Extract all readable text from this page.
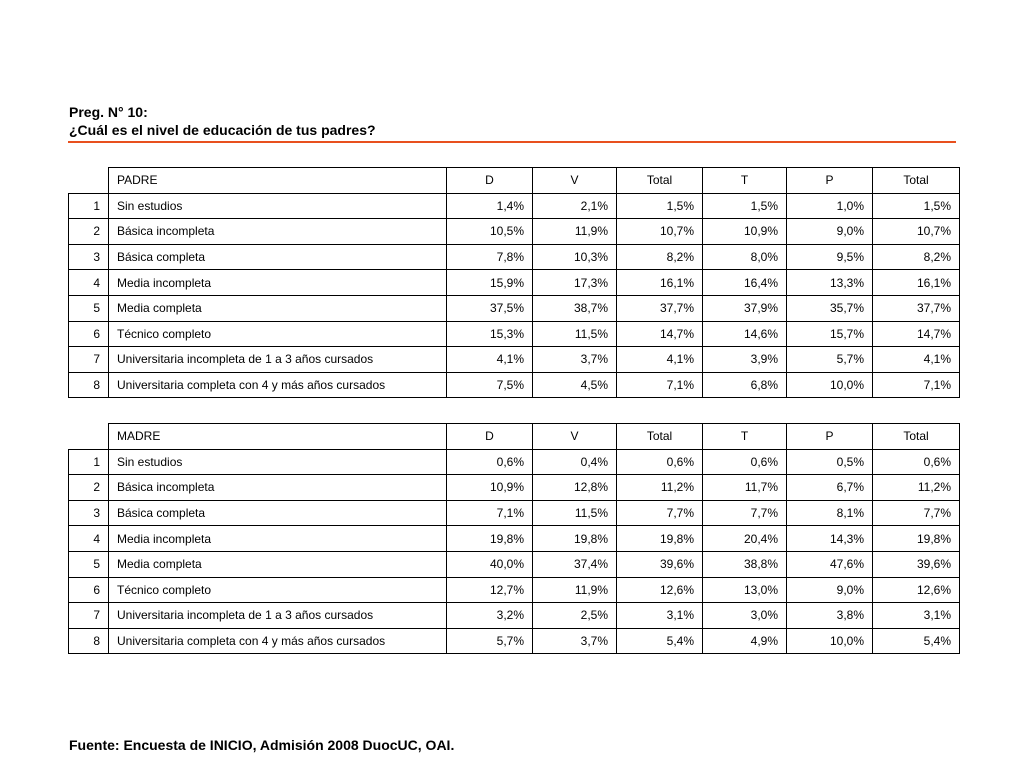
Preg. N° 10:
¿Cuál es el nivel de educación de tus padres?
	PADRE	D	V	Total	T	P	Total
1	Sin estudios	1,4%	2,1%	1,5%	1,5%	1,0%	1,5%
2	Básica incompleta	10,5%	11,9%	10,7%	10,9%	9,0%	10,7%
3	Básica completa	7,8%	10,3%	8,2%	8,0%	9,5%	8,2%
4	Media incompleta	15,9%	17,3%	16,1%	16,4%	13,3%	16,1%
5	Media completa	37,5%	38,7%	37,7%	37,9%	35,7%	37,7%
6	Técnico completo	15,3%	11,5%	14,7%	14,6%	15,7%	14,7%
7	Universitaria incompleta de 1 a 3 años cursados	4,1%	3,7%	4,1%	3,9%	5,7%	4,1%
8	Universitaria completa con 4 y más años cursados	7,5%	4,5%	7,1%	6,8%	10,0%	7,1%
	MADRE	D	V	Total	T	P	Total
1	Sin estudios	0,6%	0,4%	0,6%	0,6%	0,5%	0,6%
2	Básica incompleta	10,9%	12,8%	11,2%	11,7%	6,7%	11,2%
3	Básica completa	7,1%	11,5%	7,7%	7,7%	8,1%	7,7%
4	Media incompleta	19,8%	19,8%	19,8%	20,4%	14,3%	19,8%
5	Media completa	40,0%	37,4%	39,6%	38,8%	47,6%	39,6%
6	Técnico completo	12,7%	11,9%	12,6%	13,0%	9,0%	12,6%
7	Universitaria incompleta de 1 a 3 años cursados	3,2%	2,5%	3,1%	3,0%	3,8%	3,1%
8	Universitaria completa con 4 y más años cursados	5,7%	3,7%	5,4%	4,9%	10,0%	5,4%
Fuente: Encuesta de INICIO, Admisión 2008 DuocUC, OAI.
